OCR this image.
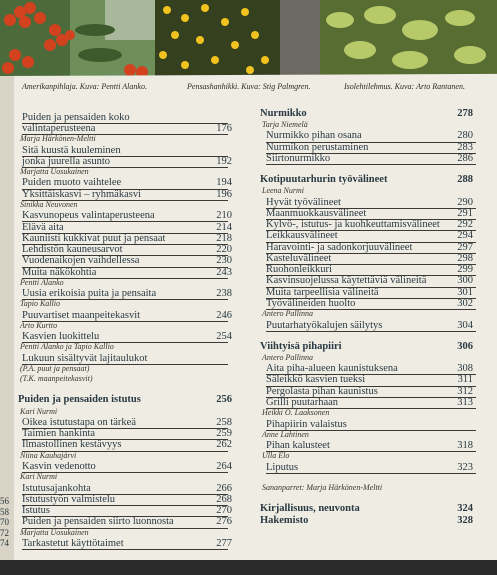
Amerikanpihlaja. Kuva: Pentti Alanko.	Pensashanhikki. Kuva: Stig Palmgren.	Isolehtilehmus. Kuva: Arto Rantanen.
Puiden ja pensaiden koko
valintaperusteena	176
Marja Härkönen-Meltti
Sitä kuustä kuuleminen
jonka juurella asunto	192
Marjatta Uosukainen
Puiden muoto vaihtelee	194
Yksittäiskasvi – ryhmäkasvi	196
Sinikka Neuvonen
Kasvunopeus valintaperusteena	210
Elävä aita	214
Kauniisti kukkivat puut ja pensaat	218
Lehdistön kaunеusarvot	220
Vuodenaikojen vaihdellessa	230
Muita näkökohtia	243
Pentti Alanko
Uusia erikoisia puita ja pensaita	238
Tapio Kallio
Puuvartiset maanpeitekasvit	246
Arto Kurtto
Kasvien luokittelu	254
Pentti Alanko ja Tapio Kallio
Lukuun sisältyvät lajitaulukot
(P.A. puut ja pensaat)
(T.K. maanpeitekasvit)
Puiden ja pensaiden istutus	256
Kari Nurmi
Oikea istutustapa on tärkeä	258
Taimien hankinta	259
Ilmastollinen kestävyys	262
Niina Kauhajärvi
Kasvin vedenotto	264
Kari Nurmi
Istutusajankohta	266
Istutustyön valmistelu	268
Istutus	270
Puiden ja pensaiden siirto luonnosta	276
Marjatta Uosukainen
Tarkastetut käyttötaimet	277
Nurmikko	278
Tarja Niemelä
Nurmikko pihan osana	280
Nurmikon perustaminen	283
Siirtonurmikko	286
Kotipuutarhurin työvälineet	288
Leena Nurmi
Hyvät työvälineet	290
Maanmuokkausvälineet	291
Kylvö-, istutus- ja kuohkeuttamisvälineet	292
Leikkausvälineet	294
Haravointi- ja sadonkorjuuvälineet	297
Kasteluvälineet	298
Ruohonleikkuri	299
Kasvinsuojelussa käytettäviä välineitä	300
Muita tarpeellisia välineitä	301
Työvälineiden huolto	302
Antero Pallinna
Puutarhatyökalujen säilytys	304
Viihtyisä pihapiiri	306
Antero Pallinna
Aita piha-alueen kaunistuksena	308
Säleikkö kasvien tueksi	311
Pergolasta pihan kaunistus	312
Grilli puutarhaan	313
Heikki O. Laaksonen
Pihapiirin valaistus
Anne Lahtinen
Pihan kalusteet	318
Ulla Elo
Liputus	323
Sananparret: Marja Härkönen-Meltti
Kirjallisuus, neuvonta	324
Hakemisto	328
56
58
70
72
74
